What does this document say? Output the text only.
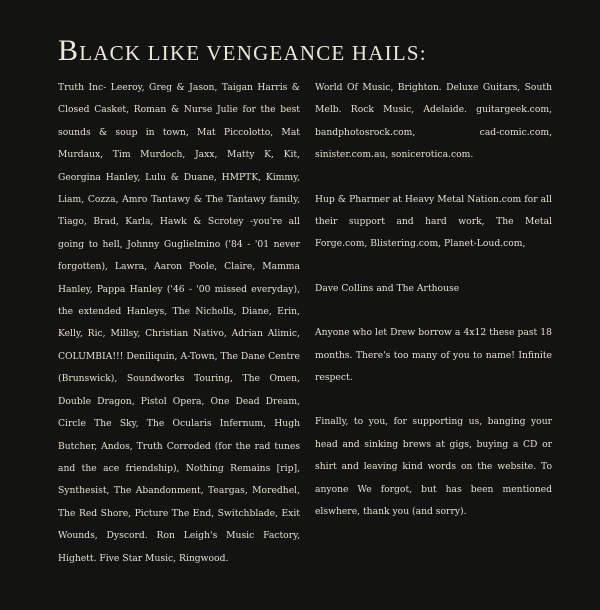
BLACK LIKE VENGEANCE HAILS:

Truth Inc- Leeroy, Greg & Jason, Taigan Harris & Closed Casket, Roman & Nurse Julie for the best sounds & soup in town, Mat Piccolotto, Mat Murdaux, Tim Murdoch, Jaxx, Matty K, Kit, Georgina Hanley, Lulu & Duane, HMPTK, Kimmy, Liam, Cozza, Amro Tantawy & The Tantawy family, Tiago, Brad, Karla, Hawk & Scrotey -you're all going to hell, Johnny Guglielmino ('84 - '01 never forgotten), Lawra, Aaron Poole, Claire, Mamma Hanley, Pappa Hanley ('46 - '00 missed everyday), the extended Hanleys, The Nicholls, Diane, Erin, Kelly, Ric, Millsy, Christian Nativo, Adrian Alimic, COLUMBIA!!! Deniliquin, A-Town, The Dane Centre (Brunswick), Soundworks Touring, The Omen, Double Dragon, Pistol Opera, One Dead Dream, Circle The Sky, The Ocularis Infernum, Hugh Butcher, Andos, Truth Corroded (for the rad tunes and the ace friendship), Nothing Remains [rip], Synthesist, The Abandonment, Teargas, Moredhel, The Red Shore, Picture The End, Switchblade, Exit Wounds, Dyscord. Ron Leigh's Music Factory, Highett. Five Star Music, Ringwood.

World Of Music, Brighton. Deluxe Guitars, South Melb. Rock Music, Adelaide. guitargeek.com, bandphotosrock.com, cad-comic.com, sinister.com.au, sonicerotica.com.

Hup & Pharmer at Heavy Metal Nation.com for all their support and hard work, The Metal Forge.com, Blistering.com, Planet-Loud.com,

Dave Collins and The Arthouse

Anyone who let Drew borrow a 4x12 these past 18 months. There's too many of you to name! Infinite respect.

Finally, to you, for supporting us, banging your head and sinking brews at gigs, buying a CD or shirt and leaving kind words on the website. To anyone We forgot, but has been mentioned elswhere, thank you (and sorry).
